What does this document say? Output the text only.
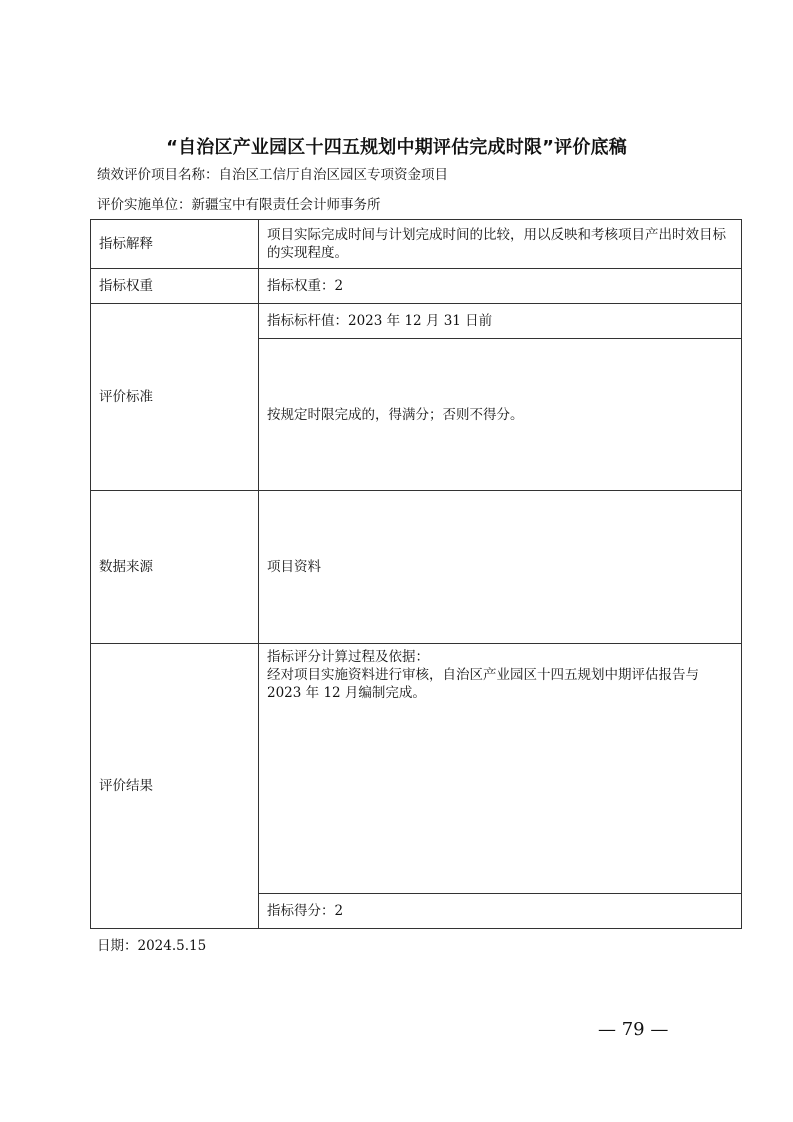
“自治区产业园区十四五规划中期评估完成时限”评价底稿
绩效评价项目名称：自治区工信厅自治区园区专项资金项目
评价实施单位：新疆宝中有限责任会计师事务所
指标解释	项目实际完成时间与计划完成时间的比较，用以反映和考核项目产出时效目标的实现程度。
指标权重	指标权重：2
评价标准	指标标杆值：2023 年 12 月 31 日前
	按规定时限完成的，得满分；否则不得分。
数据来源	项目资料
评价结果	指标评分计算过程及依据：
经对项目实施资料进行审核，自治区产业园区十四五规划中期评估报告与 2023 年 12 月编制完成。

	指标得分：2
日期：2024.5.15
— 79 —
